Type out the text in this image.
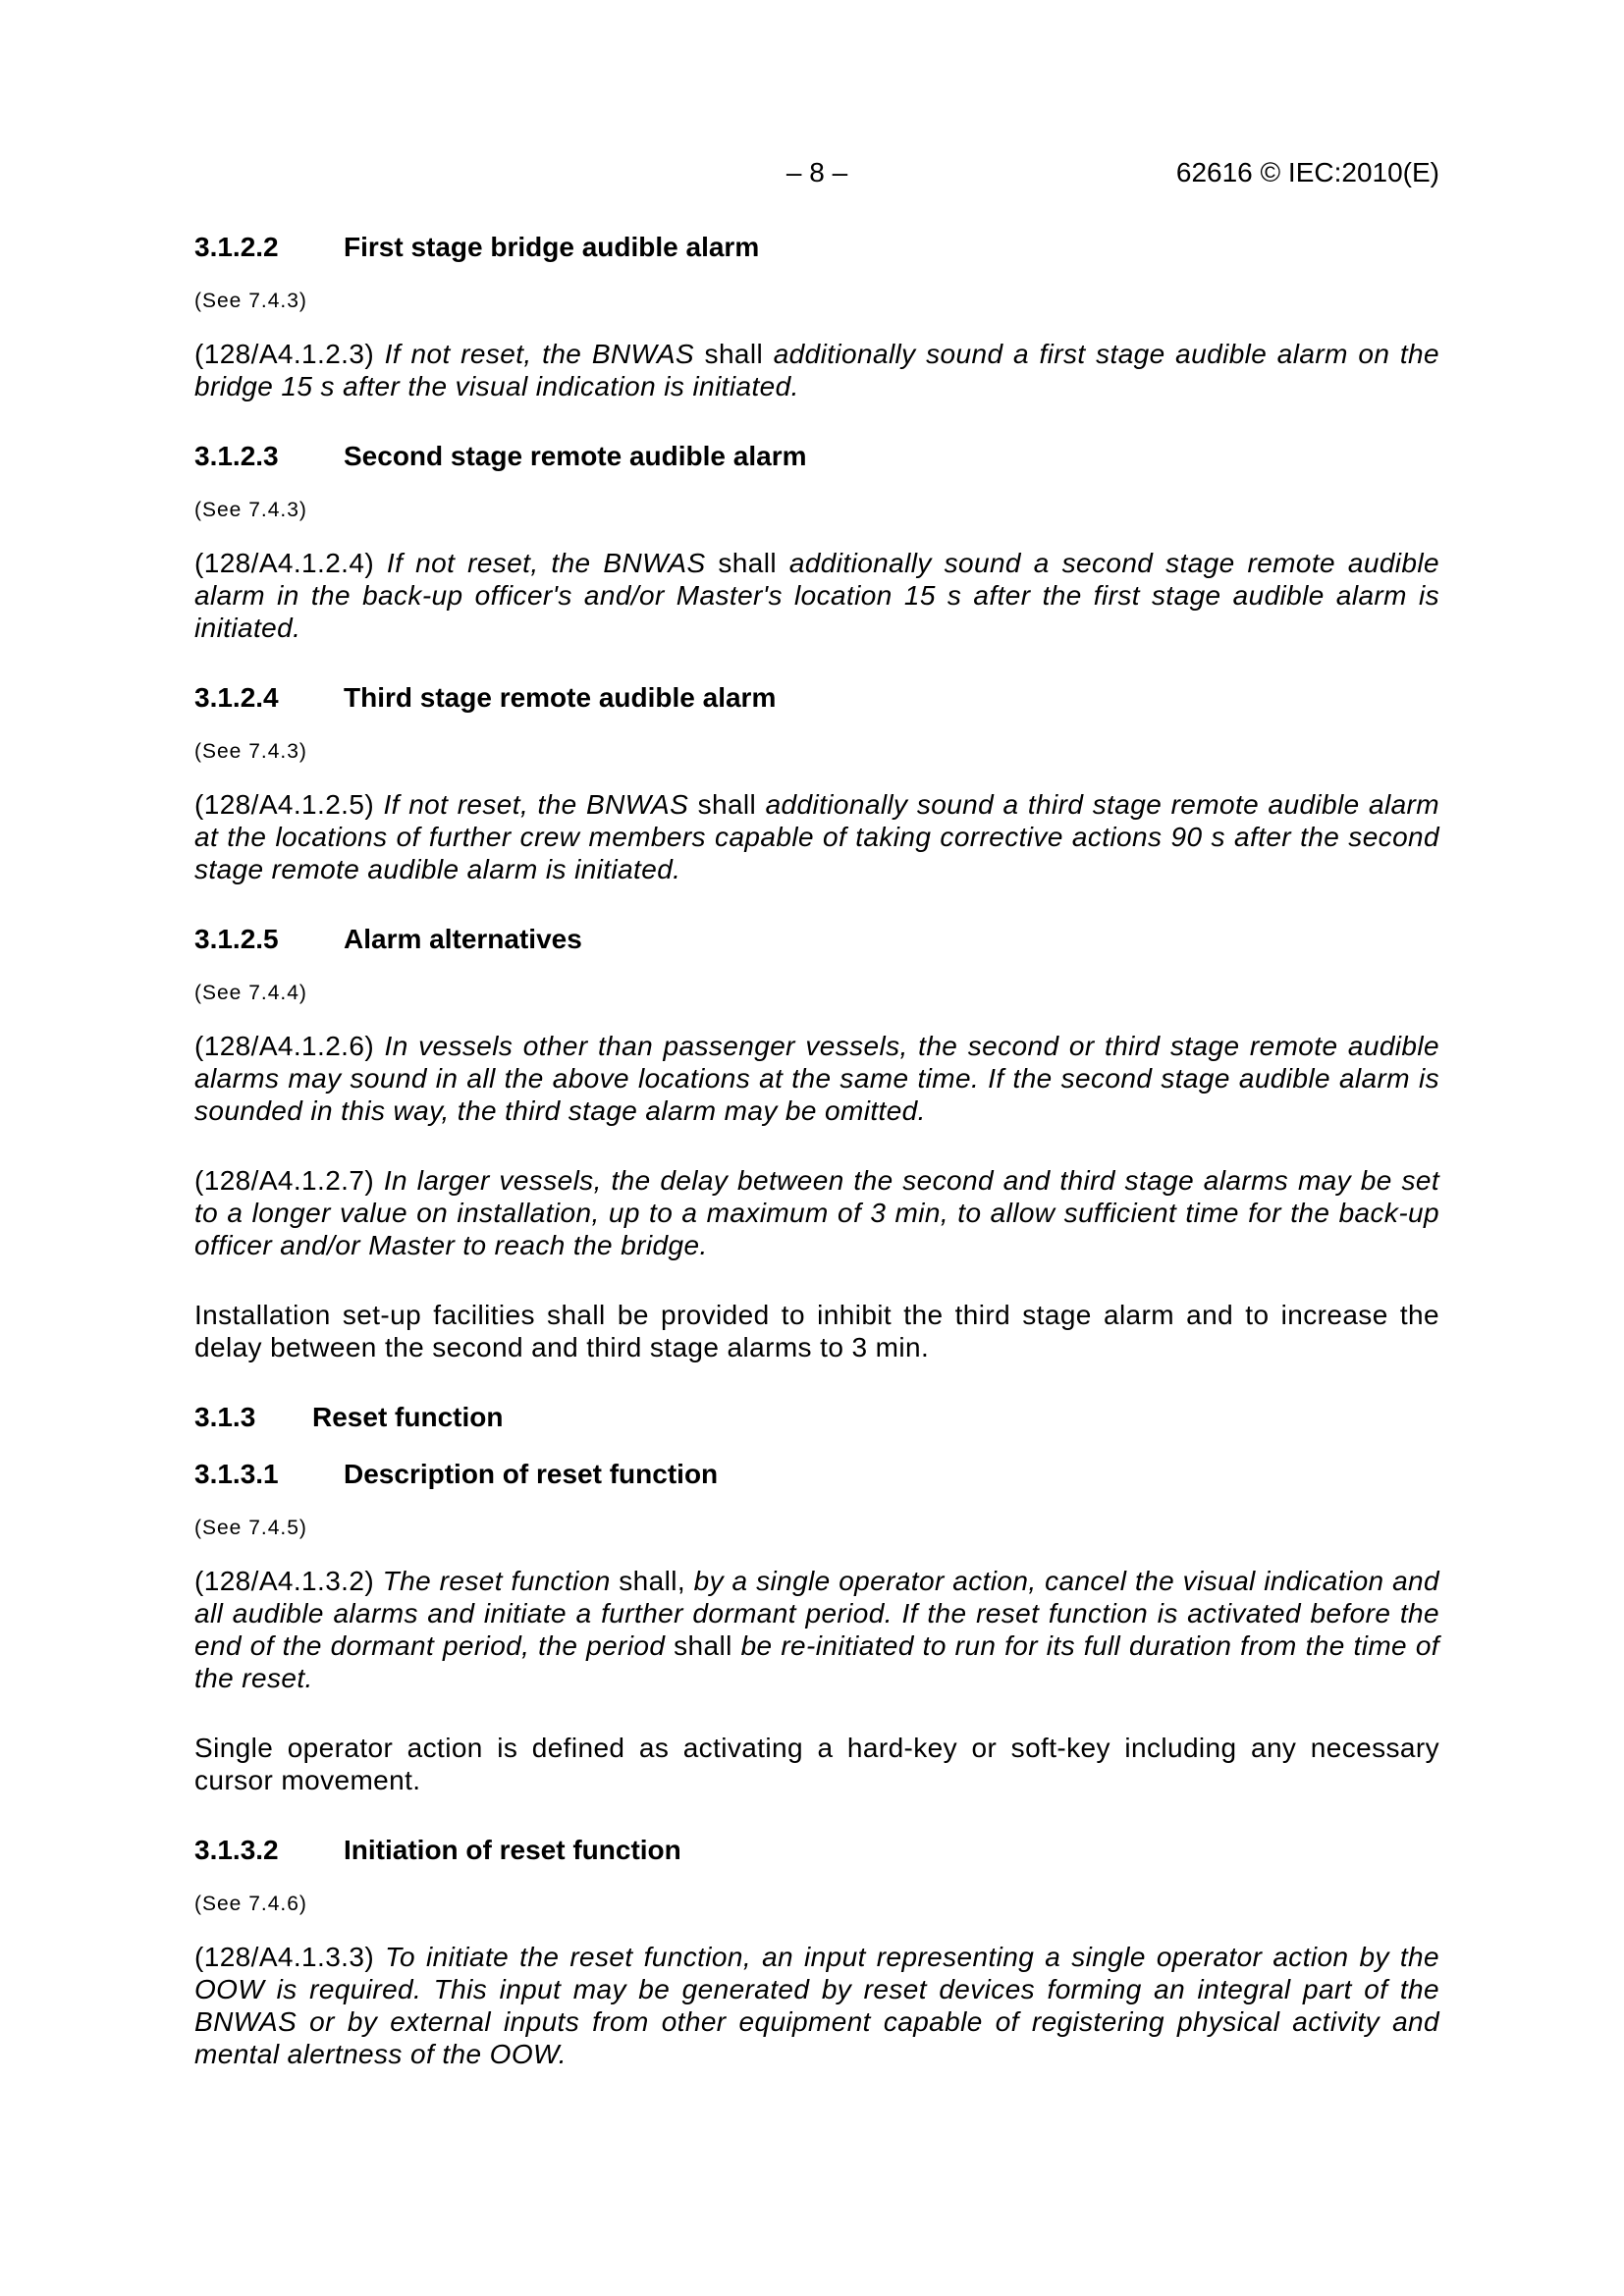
– 8 –	62616 © IEC:2010(E)
3.1.2.2	First stage bridge audible alarm
(See 7.4.3)

(128/A4.1.2.3) If not reset, the BNWAS shall additionally sound a first stage audible alarm on the bridge 15 s after the visual indication is initiated.

3.1.2.3	Second stage remote audible alarm
(See 7.4.3)

(128/A4.1.2.4) If not reset, the BNWAS shall additionally sound a second stage remote audible alarm in the back-up officer's and/or Master's location 15 s after the first stage audible alarm is initiated.

3.1.2.4	Third stage remote audible alarm
(See 7.4.3)

(128/A4.1.2.5) If not reset, the BNWAS shall additionally sound a third stage remote audible alarm at the locations of further crew members capable of taking corrective actions 90 s after the second stage remote audible alarm is initiated.

3.1.2.5	Alarm alternatives
(See 7.4.4)

(128/A4.1.2.6) In vessels other than passenger vessels, the second or third stage remote audible alarms may sound in all the above locations at the same time. If the second stage audible alarm is sounded in this way, the third stage alarm may be omitted.

(128/A4.1.2.7) In larger vessels, the delay between the second and third stage alarms may be set to a longer value on installation, up to a maximum of 3 min, to allow sufficient time for the back-up officer and/or Master to reach the bridge.

Installation set-up facilities shall be provided to inhibit the third stage alarm and to increase the delay between the second and third stage alarms to 3 min.

3.1.3	Reset function
3.1.3.1	Description of reset function
(See 7.4.5)

(128/A4.1.3.2) The reset function shall, by a single operator action, cancel the visual indication and all audible alarms and initiate a further dormant period. If the reset function is activated before the end of the dormant period, the period shall be re-initiated to run for its full duration from the time of the reset.

Single operator action is defined as activating a hard-key or soft-key including any necessary cursor movement.

3.1.3.2	Initiation of reset function
(See 7.4.6)

(128/A4.1.3.3) To initiate the reset function, an input representing a single operator action by the OOW is required. This input may be generated by reset devices forming an integral part of the BNWAS or by external inputs from other equipment capable of registering physical activity and mental alertness of the OOW.
